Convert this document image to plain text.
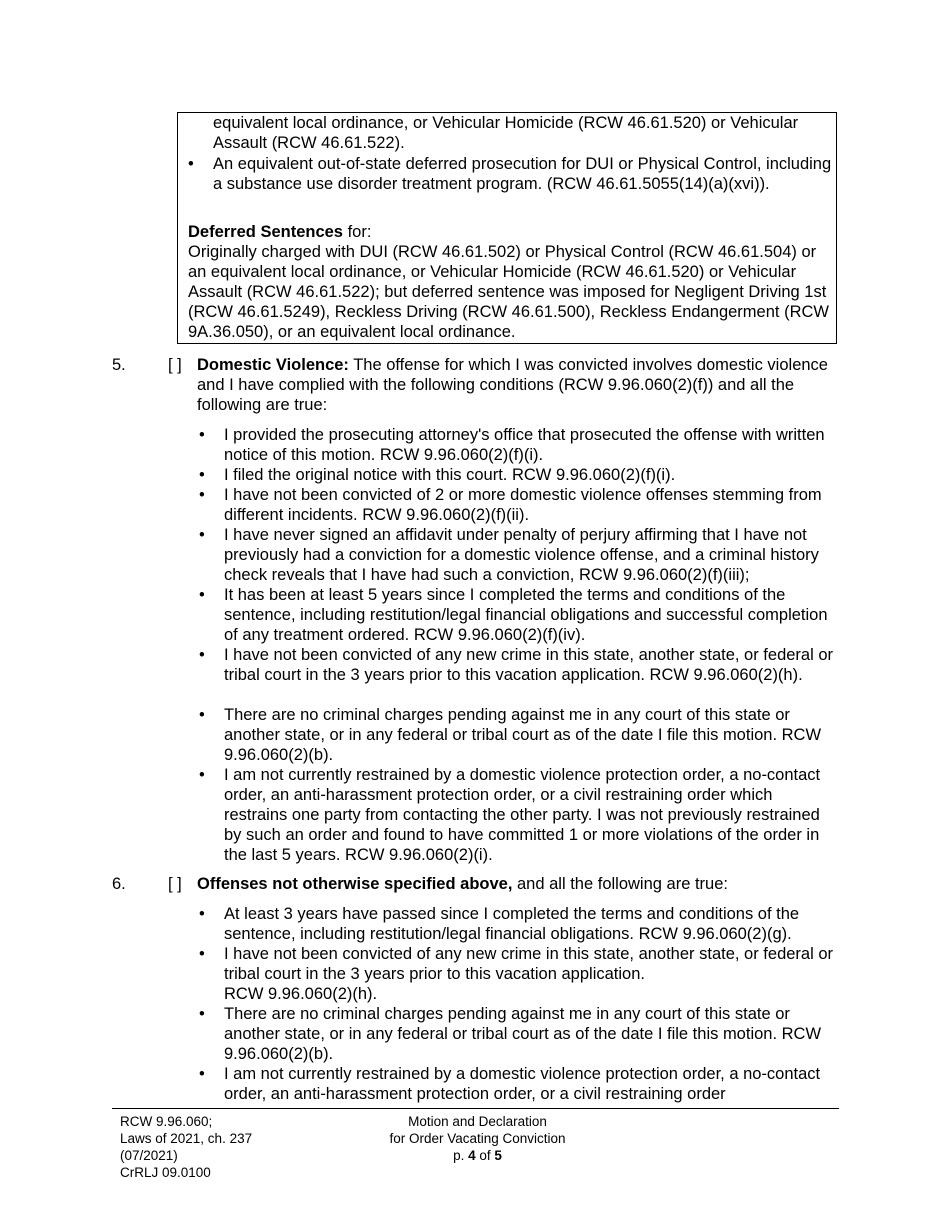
equivalent local ordinance, or Vehicular Homicide (RCW 46.61.520) or Vehicular Assault (RCW 46.61.522).
• An equivalent out-of-state deferred prosecution for DUI or Physical Control, including a substance use disorder treatment program. (RCW 46.61.5055(14)(a)(xvi)).
Deferred Sentences for:
Originally charged with DUI (RCW 46.61.502) or Physical Control (RCW 46.61.504) or an equivalent local ordinance, or Vehicular Homicide (RCW 46.61.520) or Vehicular Assault (RCW 46.61.522); but deferred sentence was imposed for Negligent Driving 1st (RCW 46.61.5249), Reckless Driving (RCW 46.61.500), Reckless Endangerment (RCW 9A.36.050), or an equivalent local ordinance.
5.	[ ] Domestic Violence: The offense for which I was convicted involves domestic violence and I have complied with the following conditions (RCW 9.96.060(2)(f)) and all the following are true:
• I provided the prosecuting attorney's office that prosecuted the offense with written notice of this motion. RCW 9.96.060(2)(f)(i).
• I filed the original notice with this court. RCW 9.96.060(2)(f)(i).
• I have not been convicted of 2 or more domestic violence offenses stemming from different incidents. RCW 9.96.060(2)(f)(ii).
• I have never signed an affidavit under penalty of perjury affirming that I have not previously had a conviction for a domestic violence offense, and a criminal history check reveals that I have had such a conviction, RCW 9.96.060(2)(f)(iii);
• It has been at least 5 years since I completed the terms and conditions of the sentence, including restitution/legal financial obligations and successful completion of any treatment ordered. RCW 9.96.060(2)(f)(iv).
• I have not been convicted of any new crime in this state, another state, or federal or tribal court in the 3 years prior to this vacation application. RCW 9.96.060(2)(h).
• There are no criminal charges pending against me in any court of this state or another state, or in any federal or tribal court as of the date I file this motion. RCW 9.96.060(2)(b).
• I am not currently restrained by a domestic violence protection order, a no-contact order, an anti-harassment protection order, or a civil restraining order which restrains one party from contacting the other party. I was not previously restrained by such an order and found to have committed 1 or more violations of the order in the last 5 years. RCW 9.96.060(2)(i).
6.	[ ] Offenses not otherwise specified above, and all the following are true:
• At least 3 years have passed since I completed the terms and conditions of the sentence, including restitution/legal financial obligations. RCW 9.96.060(2)(g).
• I have not been convicted of any new crime in this state, another state, or federal or tribal court in the 3 years prior to this vacation application.
RCW 9.96.060(2)(h).
• There are no criminal charges pending against me in any court of this state or another state, or in any federal or tribal court as of the date I file this motion. RCW 9.96.060(2)(b).
• I am not currently restrained by a domestic violence protection order, a no-contact order, an anti-harassment protection order, or a civil restraining order
RCW 9.96.060;
Laws of 2021, ch. 237
(07/2021)
CrRLJ 09.0100
Motion and Declaration
for Order Vacating Conviction
p. 4 of 5
